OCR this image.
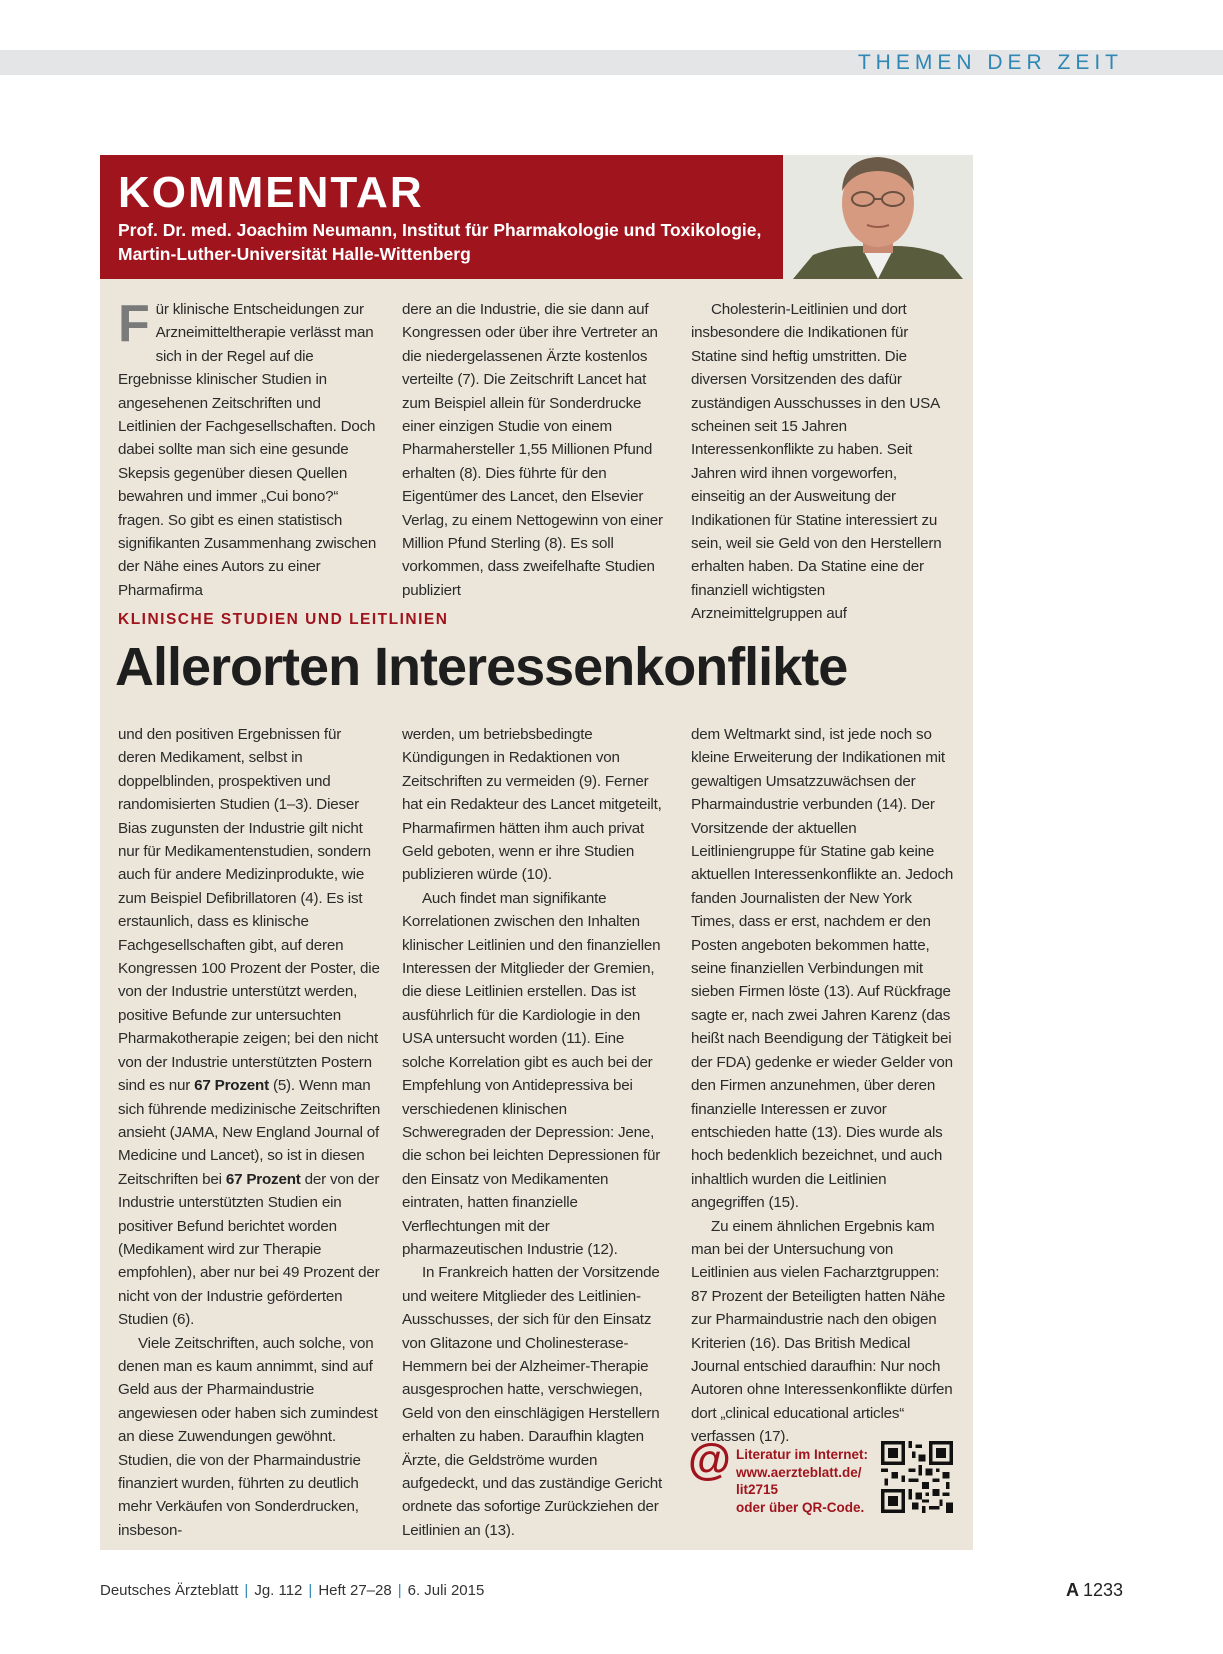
THEMEN DER ZEIT
KOMMENTAR
Prof. Dr. med. Joachim Neumann, Institut für Pharmakologie und Toxikologie, Martin-Luther-Universität Halle-Wittenberg
Für klinische Entscheidungen zur Arzneimitteltherapie verlässt man sich in der Regel auf die Ergebnisse klinischer Studien in angesehenen Zeitschriften und Leitlinien der Fachgesellschaften. Doch dabei sollte man sich eine gesunde Skepsis gegenüber diesen Quellen bewahren und immer „Cui bono?“ fragen. So gibt es einen statistisch signifikanten Zusammenhang zwischen der Nähe eines Autors zu einer Pharmafirma

dere an die Industrie, die sie dann auf Kongressen oder über ihre Vertreter an die niedergelassenen Ärzte kostenlos verteilte (7). Die Zeitschrift Lancet hat zum Beispiel allein für Sonderdrucke einer einzigen Studie von einem Pharmahersteller 1,55 Millionen Pfund erhalten (8). Dies führte für den Eigentümer des Lancet, den Elsevier Verlag, zu einem Nettogewinn von einer Million Pfund Sterling (8). Es soll vorkommen, dass zweifelhafte Studien publiziert

Cholesterin-Leitlinien und dort insbesondere die Indikationen für Statine sind heftig umstritten. Die diversen Vorsitzenden des dafür zuständigen Ausschusses in den USA scheinen seit 15 Jahren Interessenkonflikte zu haben. Seit Jahren wird ihnen vorgeworfen, einseitig an der Ausweitung der Indikationen für Statine interessiert zu sein, weil sie Geld von den Herstellern erhalten haben. Da Statine eine der finanziell wichtigsten Arzneimittelgruppen auf

KLINISCHE STUDIEN UND LEITLINIEN
Allerorten Interessenkonflikte

und den positiven Ergebnissen für deren Medikament, selbst in doppelblinden, prospektiven und randomisierten Studien (1–3). Dieser Bias zugunsten der Industrie gilt nicht nur für Medikamentenstudien, sondern auch für andere Medizinprodukte, wie zum Beispiel Defibrillatoren (4). Es ist erstaunlich, dass es klinische Fachgesellschaften gibt, auf deren Kongressen 100 Prozent der Poster, die von der Industrie unterstützt werden, positive Befunde zur untersuchten Pharmakotherapie zeigen; bei den nicht von der Industrie unterstützten Postern sind es nur 67 Prozent (5). Wenn man sich führende medizinische Zeitschriften ansieht (JAMA, New England Journal of Medicine und Lancet), so ist in diesen Zeitschriften bei 67 Prozent der von der Industrie unterstützten Studien ein positiver Befund berichtet worden (Medikament wird zur Therapie empfohlen), aber nur bei 49 Prozent der nicht von der Industrie geförderten Studien (6).

Viele Zeitschriften, auch solche, von denen man es kaum annimmt, sind auf Geld aus der Pharmaindustrie angewiesen oder haben sich zumindest an diese Zuwendungen gewöhnt. Studien, die von der Pharmaindustrie finanziert wurden, führten zu deutlich mehr Verkäufen von Sonderdrucken, insbeson-

werden, um betriebsbedingte Kündigungen in Redaktionen von Zeitschriften zu vermeiden (9). Ferner hat ein Redakteur des Lancet mitgeteilt, Pharmafirmen hätten ihm auch privat Geld geboten, wenn er ihre Studien publizieren würde (10).

Auch findet man signifikante Korrelationen zwischen den Inhalten klinischer Leitlinien und den finanziellen Interessen der Mitglieder der Gremien, die diese Leitlinien erstellen. Das ist ausführlich für die Kardiologie in den USA untersucht worden (11). Eine solche Korrelation gibt es auch bei der Empfehlung von Antidepressiva bei verschiedenen klinischen Schweregraden der Depression: Jene, die schon bei leichten Depressionen für den Einsatz von Medikamenten eintraten, hatten finanzielle Verflechtungen mit der pharmazeutischen Industrie (12).

In Frankreich hatten der Vorsitzende und weitere Mitglieder des Leitlinien-Ausschusses, der sich für den Einsatz von Glitazone und Cholinesterase-Hemmern bei der Alzheimer-Therapie ausgesprochen hatte, verschwiegen, Geld von den einschlägigen Herstellern erhalten zu haben. Daraufhin klagten Ärzte, die Geldströme wurden aufgedeckt, und das zuständige Gericht ordnete das sofortige Zurückziehen der Leitlinien an (13).

dem Weltmarkt sind, ist jede noch so kleine Erweiterung der Indikationen mit gewaltigen Umsatzzuwächsen der Pharmaindustrie verbunden (14). Der Vorsitzende der aktuellen Leitliniengruppe für Statine gab keine aktuellen Interessenkonflikte an. Jedoch fanden Journalisten der New York Times, dass er erst, nachdem er den Posten angeboten bekommen hatte, seine finanziellen Verbindungen mit sieben Firmen löste (13). Auf Rückfrage sagte er, nach zwei Jahren Karenz (das heißt nach Beendigung der Tätigkeit bei der FDA) gedenke er wieder Gelder von den Firmen anzunehmen, über deren finanzielle Interessen er zuvor entschieden hatte (13). Dies wurde als hoch bedenklich bezeichnet, und auch inhaltlich wurden die Leitlinien angegriffen (15).

Zu einem ähnlichen Ergebnis kam man bei der Untersuchung von Leitlinien aus vielen Facharztgruppen: 87 Prozent der Beteiligten hatten Nähe zur Pharmaindustrie nach den obigen Kriterien (16). Das British Medical Journal entschied daraufhin: Nur noch Autoren ohne Interessenkonflikte dürfen dort „clinical educational articles“ verfassen (17).

@ Literatur im Internet:
www.aerzteblatt.de/
lit2715
oder über QR-Code.
Deutsches Ärzteblatt | Jg. 112 | Heft 27–28 | 6. Juli 2015	A 1233
